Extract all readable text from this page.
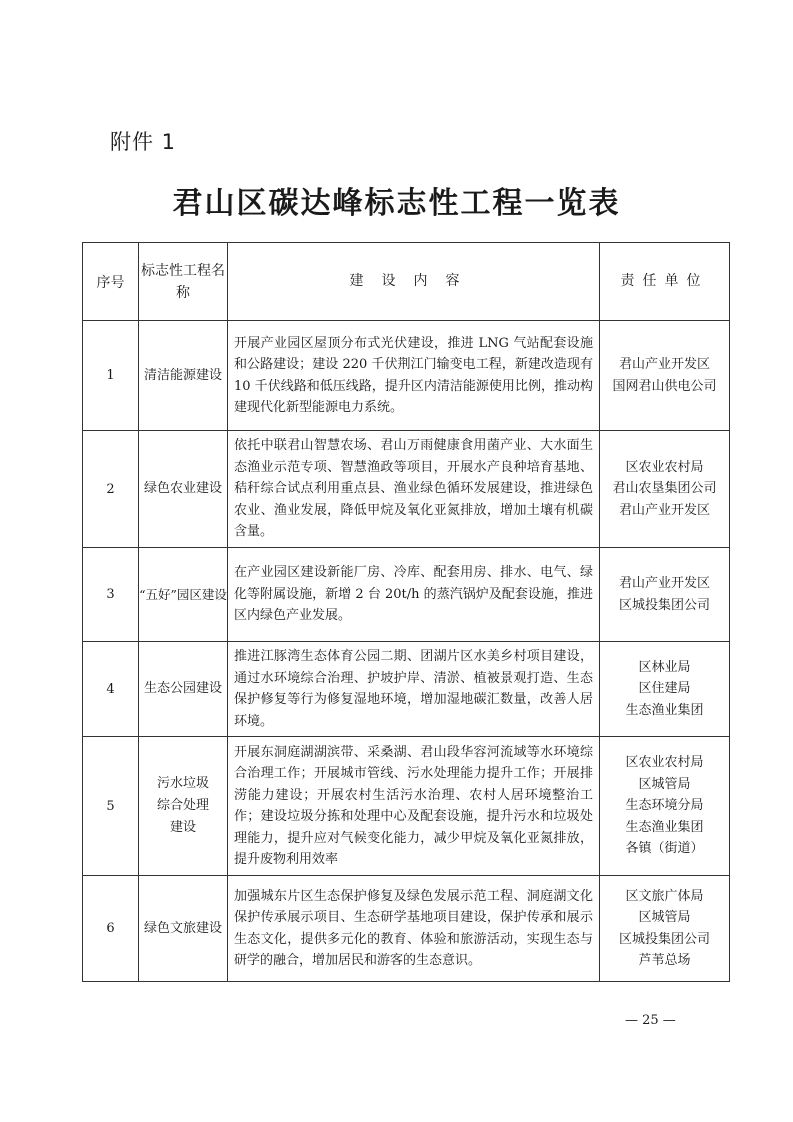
附件 1
君山区碳达峰标志性工程一览表
序号	标志性工程名称	建设内容	责任单位
1	清洁能源建设	开展产业园区屋顶分布式光伏建设，推进 LNG 气站配套设施和公路建设；建设 220 千伏荆江门输变电工程，新建改造现有 10 千伏线路和低压线路，提升区内清洁能源使用比例，推动构建现代化新型能源电力系统。	君山产业开发区
国网君山供电公司

2	绿色农业建设	依托中联君山智慧农场、君山万雨健康食用菌产业、大水面生态渔业示范专项、智慧渔政等项目，开展水产良种培育基地、秸秆综合试点利用重点县、渔业绿色循环发展建设，推进绿色农业、渔业发展，降低甲烷及氧化亚氮排放，增加土壤有机碳含量。	区农业农村局
君山农垦集团公司
君山产业开发区

3	“五好”园区建设	在产业园区建设新能厂房、冷库、配套用房、排水、电气、绿化等附属设施，新增 2 台 20t/h 的蒸汽锅炉及配套设施，推进区内绿色产业发展。	君山产业开发区
区城投集团公司

4	生态公园建设	推进江豚湾生态体育公园二期、团湖片区水美乡村项目建设，通过水环境综合治理、护坡护岸、清淤、植被景观打造、生态保护修复等行为修复湿地环境，增加湿地碳汇数量，改善人居环境。	区林业局
区住建局
生态渔业集团

5	污水垃圾综合处理建设	开展东洞庭湖湖滨带、采桑湖、君山段华容河流域等水环境综合治理工作；开展城市管线、污水处理能力提升工作；开展排涝能力建设；开展农村生活污水治理、农村人居环境整治工作；建设垃圾分拣和处理中心及配套设施，提升污水和垃圾处理能力，提升应对气候变化能力，减少甲烷及氧化亚氮排放，提升废物利用效率	区农业农村局
区城管局
生态环境分局
生态渔业集团
各镇（街道）

6	绿色文旅建设	加强城东片区生态保护修复及绿色发展示范工程、洞庭湖文化保护传承展示项目、生态研学基地项目建设，保护传承和展示生态文化，提供多元化的教育、体验和旅游活动，实现生态与研学的融合，增加居民和游客的生态意识。	区文旅广体局
区城管局
区城投集团公司
芦苇总场
— 25 —
